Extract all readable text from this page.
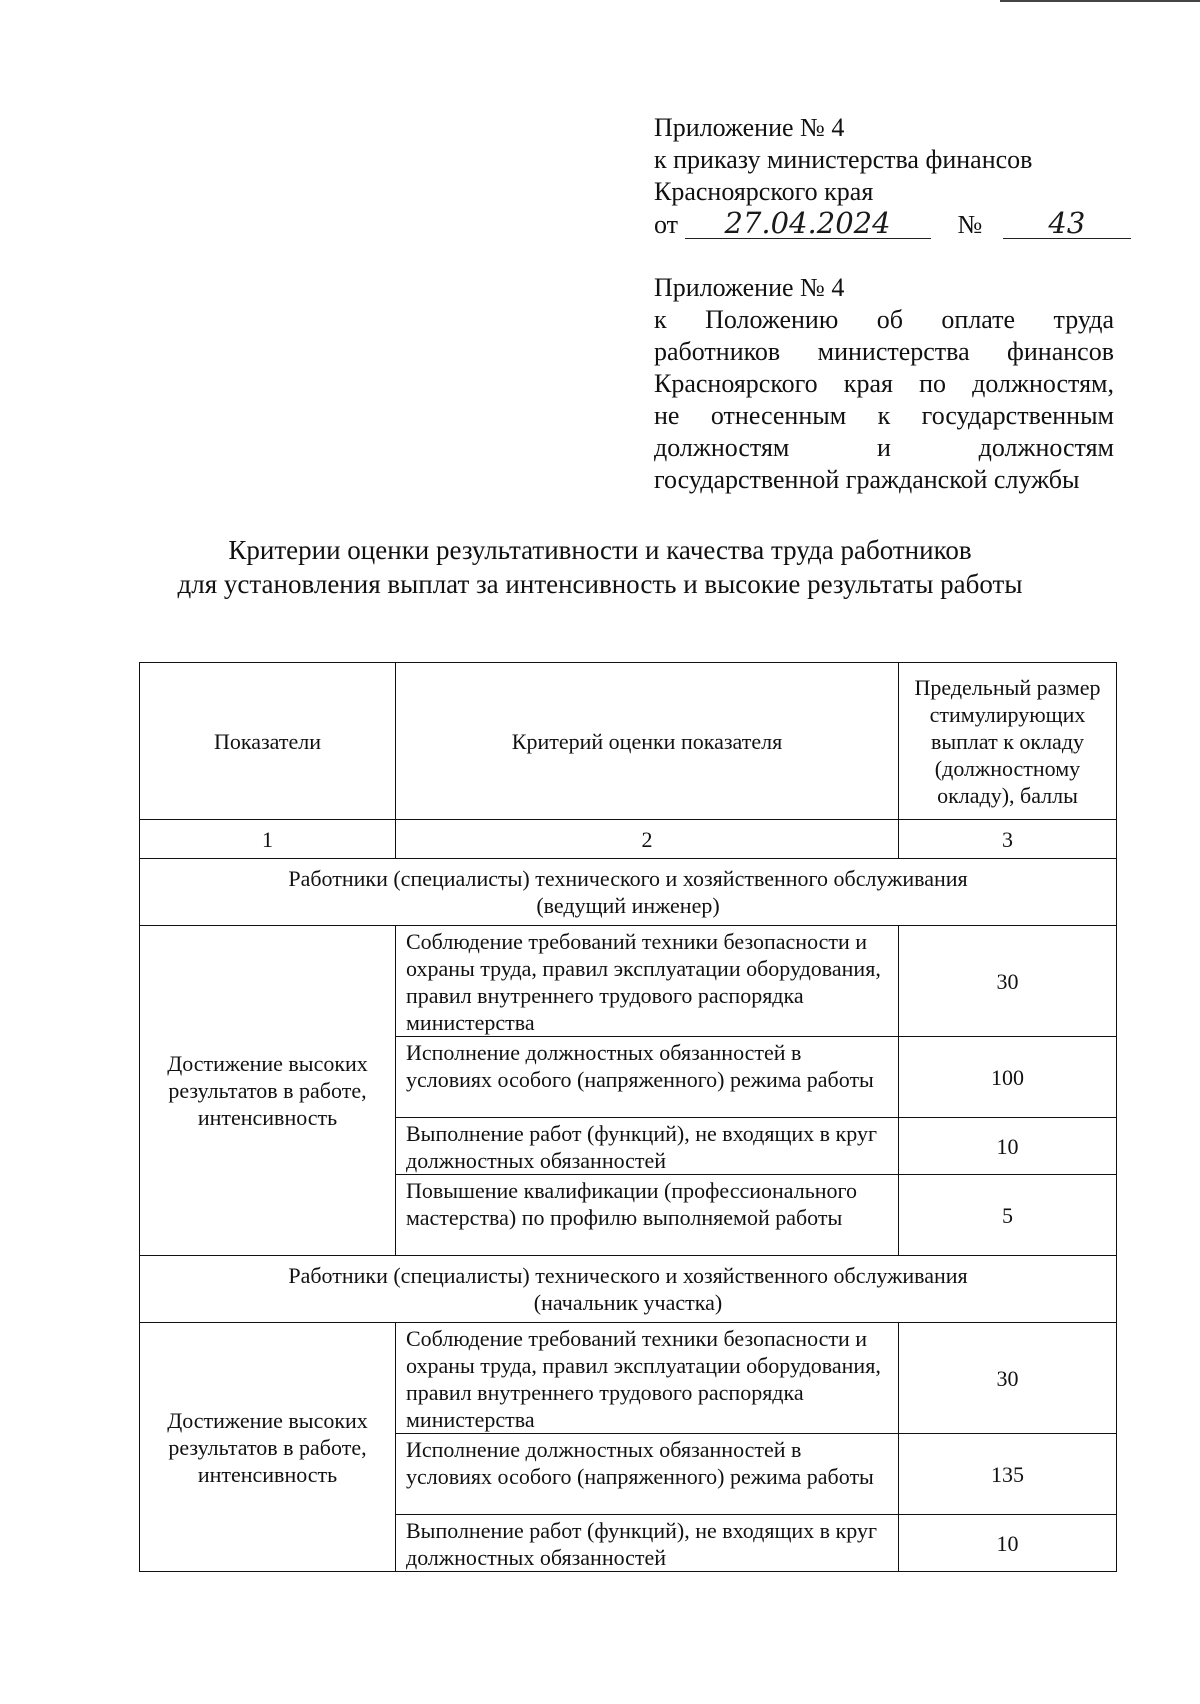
Приложение № 4
к приказу министерства финансов
Красноярского края
от 27.04.2024	№ 43
Приложение № 4
к Положению об оплате труда
работников министерства финансов
Красноярского края по должностям,
не отнесенным к государственным
должностям и должностям
государственной гражданской службы
Критерии оценки результативности и качества труда работников
для установления выплат за интенсивность и высокие результаты работы
Показатели	Критерий оценки показателя	Предельный размер стимулирующих выплат к окладу (должностному окладу), баллы
1	2	3

Работники (специалисты) технического и хозяйственного обслуживания
(ведущий инженер)		

Достижение высоких результатов в работе, интенсивность	Соблюдение требований техники безопасности и охраны труда, правил эксплуатации оборудования, правил внутреннего трудового распорядка министерства	30
	Исполнение должностных обязанностей в условиях особого (напряженного) режима работы	100
	Выполнение работ (функций), не входящих в круг должностных обязанностей	10
	Повышение квалификации (профессионального мастерства) по профилю выполняемой работы	5

Работники (специалисты) технического и хозяйственного обслуживания
(начальник участка)		

Достижение высоких результатов в работе, интенсивность	Соблюдение требований техники безопасности и охраны труда, правил эксплуатации оборудования, правил внутреннего трудового распорядка министерства	30
	Исполнение должностных обязанностей в условиях особого (напряженного) режима работы	135
	Выполнение работ (функций), не входящих в круг должностных обязанностей	10
